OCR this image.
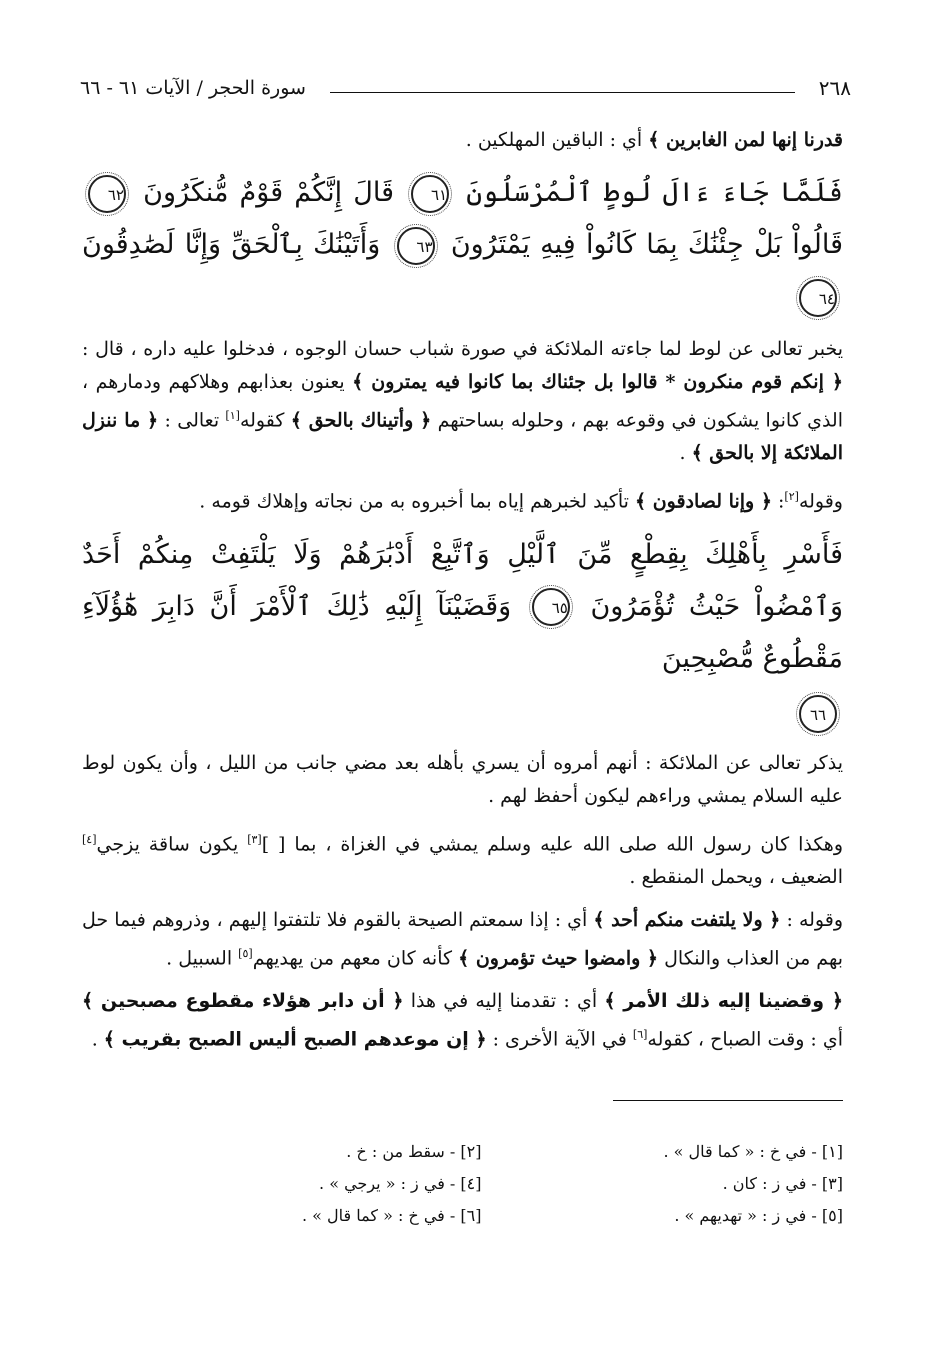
٢٦٨
سورة الحجر / الآيات ٦١ - ٦٦

قدرنا إنها لمن الغابرين ﴾ أي : الباقين المهلكين .

فَلَمَّا جَاءَ ءَالَ لُوطٍ ٱلْمُرْسَلُونَ ٦١ قَالَ إِنَّكُمْ قَوْمٌ مُّنكَرُونَ ٦٢ قَالُواْ بَلْ جِئْنَٰكَ بِمَا كَانُواْ فِيهِ يَمْتَرُونَ ٦٣ وَأَتَيْنَٰكَ بِٱلْحَقِّ وَإِنَّا لَصَٰدِقُونَ ٦٤

يخبر تعالى عن لوط لما جاءته الملائكة في صورة شباب حسان الوجوه ، فدخلوا عليه داره ، قال : ﴿ إنكم قوم منكرون * قالوا بل جئناك بما كانوا فيه يمترون ﴾ يعنون بعذابهم وهلاكهم ودمارهم ، الذي كانوا يشكون في وقوعه بهم ، وحلوله بساحتهم ﴿ وأتيناك بالحق ﴾ كقوله[١] تعالى : ﴿ ما ننزل الملائكة إلا بالحق ﴾ .

وقوله[٢]: ﴿ وإنا لصادقون ﴾ تأكيد لخبرهم إياه بما أخبروه به من نجاته وإهلاك قومه .

فَأَسْرِ بِأَهْلِكَ بِقِطْعٍ مِّنَ ٱلَّيْلِ وَٱتَّبِعْ أَدْبَٰرَهُمْ وَلَا يَلْتَفِتْ مِنكُمْ أَحَدٌ وَٱمْضُواْ حَيْثُ تُؤْمَرُونَ ٦٥ وَقَضَيْنَآ إِلَيْهِ ذَٰلِكَ ٱلْأَمْرَ أَنَّ دَابِرَ هَٰٓؤُلَآءِ مَقْطُوعٌ مُّصْبِحِينَ

٦٦

يذكر تعالى عن الملائكة : أنهم أمروه أن يسري بأهله بعد مضي جانب من الليل ، وأن يكون لوط عليه السلام يمشي وراءهم ليكون أحفظ لهم .

وهكذا كان رسول الله صلى الله عليه وسلم يمشي في الغزاة ، بما [ ][٣] يكون ساقة يزجي[٤] الضعيف ، ويحمل المنقطع .

وقوله : ﴿ ولا يلتفت منكم أحد ﴾ أي : إذا سمعتم الصيحة بالقوم فلا تلتفتوا إليهم ، وذروهم فيما حل بهم من العذاب والنكال ﴿ وامضوا حيث تؤمرون ﴾ كأنه كان معهم من يهديهم[٥] السبيل .

﴿ وقضينا إليه ذلك الأمر ﴾ أي : تقدمنا إليه في هذا ﴿ أن دابر هؤلاء مقطوع مصبحين ﴾ أي : وقت الصباح ، كقوله[٦] في الآية الأخرى : ﴿ إن موعدهم الصبح أليس الصبح بقريب ﴾ .

[١] - في خ : « كما قال » .
[٢] - سقط من : خ .
[٣] - في ز : كان .
[٤] - في ز : « يرجي » .
[٥] - في ز : « تهديهم » .
[٦] - في خ : « كما قال » .
